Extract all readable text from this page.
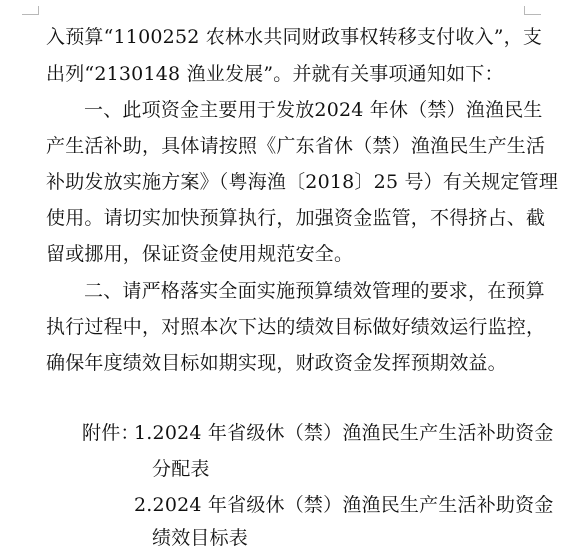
入预算“1100252 农林水共同财政事权转移支付收入”，支
出列“2130148 渔业发展”。并就有关事项通知如下：
一、此项资金主要用于发放2024 年休（禁）渔渔民生
产生活补助，具体请按照《广东省休（禁）渔渔民生产生活
补助发放实施方案》（粤海渔〔2018〕25 号）有关规定管理
使用。请切实加快预算执行，加强资金监管，不得挤占、截
留或挪用，保证资金使用规范安全。
二、请严格落实全面实施预算绩效管理的要求，在预算
执行过程中，对照本次下达的绩效目标做好绩效运行监控，
确保年度绩效目标如期实现，财政资金发挥预期效益。
附件：
1.2024 年省级休（禁）渔渔民生产生活补助资金
分配表
2.2024 年省级休（禁）渔渔民生产生活补助资金
绩效目标表
